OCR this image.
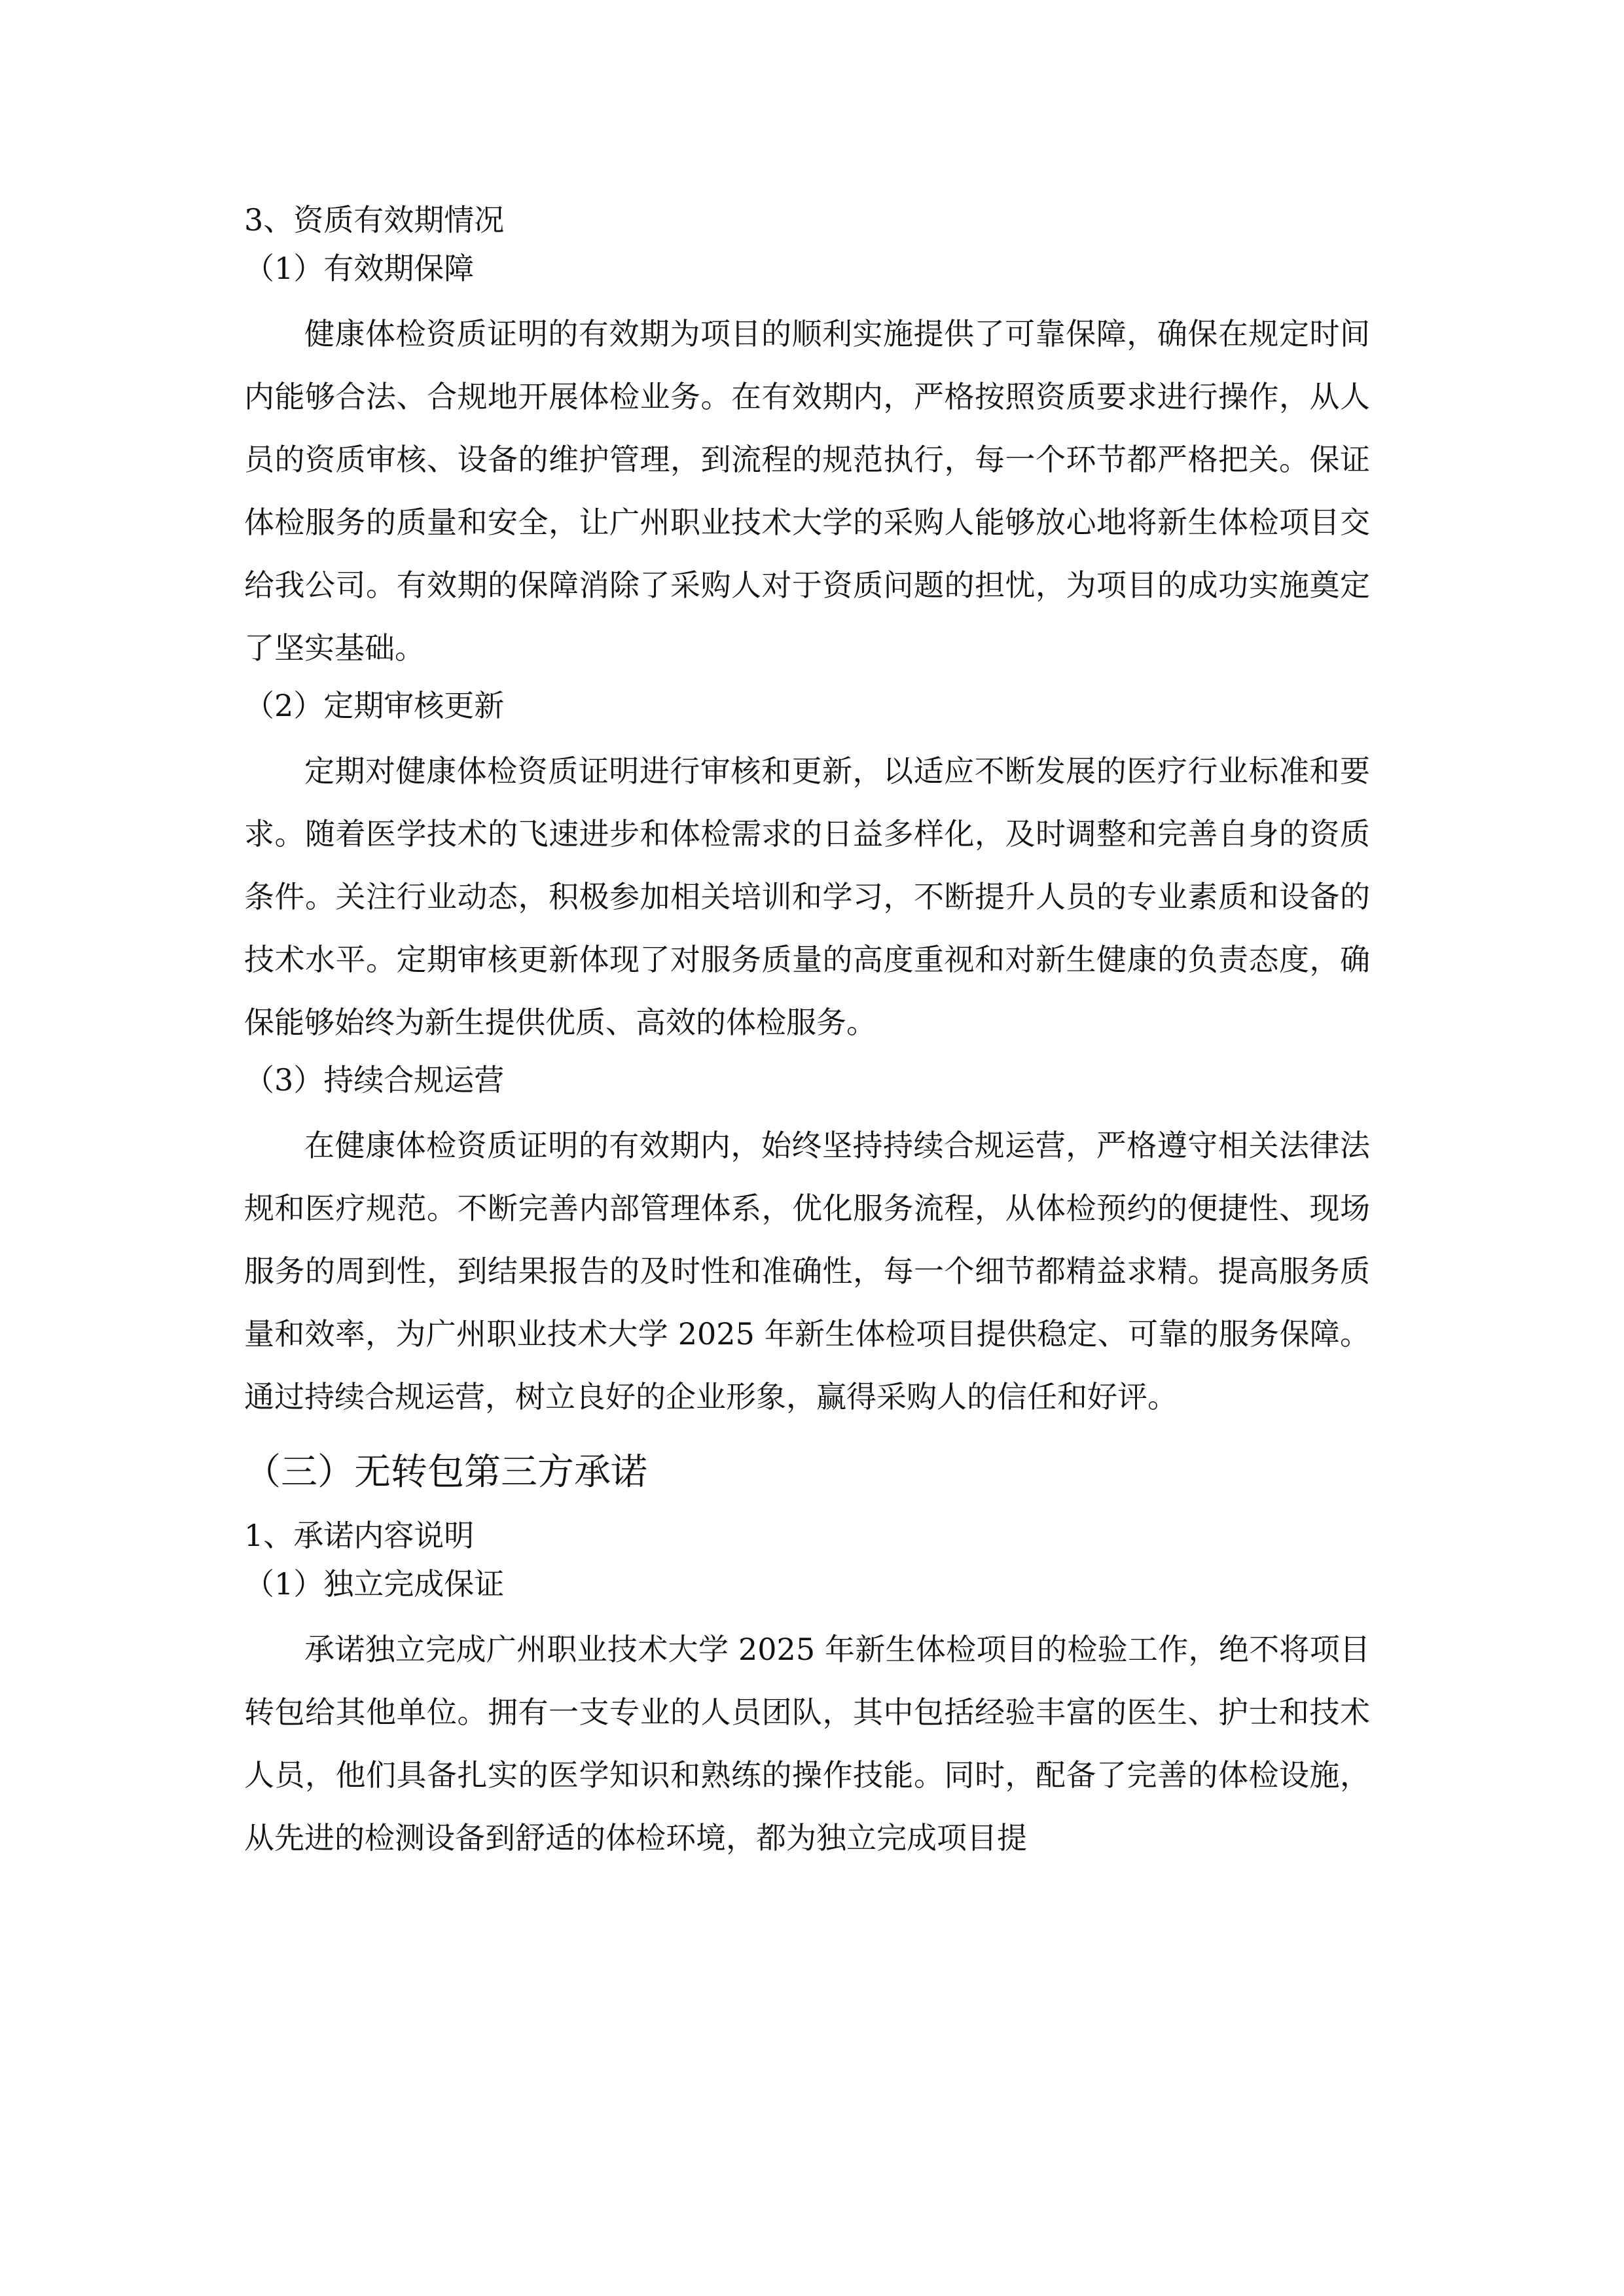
3、资质有效期情况
（1）有效期保障

健康体检资质证明的有效期为项目的顺利实施提供了可靠保障，确保在规定时间内能够合法、合规地开展体检业务。在有效期内，严格按照资质要求进行操作，从人员的资质审核、设备的维护管理，到流程的规范执行，每一个环节都严格把关。保证体检服务的质量和安全，让广州职业技术大学的采购人能够放心地将新生体检项目交给我公司。有效期的保障消除了采购人对于资质问题的担忧，为项目的成功实施奠定了坚实基础。

（2）定期审核更新

定期对健康体检资质证明进行审核和更新，以适应不断发展的医疗行业标准和要求。随着医学技术的飞速进步和体检需求的日益多样化，及时调整和完善自身的资质条件。关注行业动态，积极参加相关培训和学习，不断提升人员的专业素质和设备的技术水平。定期审核更新体现了对服务质量的高度重视和对新生健康的负责态度，确保能够始终为新生提供优质、高效的体检服务。

（3）持续合规运营

在健康体检资质证明的有效期内，始终坚持持续合规运营，严格遵守相关法律法规和医疗规范。不断完善内部管理体系，优化服务流程，从体检预约的便捷性、现场服务的周到性，到结果报告的及时性和准确性，每一个细节都精益求精。提高服务质量和效率，为广州职业技术大学 2025 年新生体检项目提供稳定、可靠的服务保障。通过持续合规运营，树立良好的企业形象，赢得采购人的信任和好评。

（三）无转包第三方承诺
1、承诺内容说明
（1）独立完成保证

承诺独立完成广州职业技术大学 2025 年新生体检项目的检验工作，绝不将项目转包给其他单位。拥有一支专业的人员团队，其中包括经验丰富的医生、护士和技术人员，他们具备扎实的医学知识和熟练的操作技能。同时，配备了完善的体检设施，从先进的检测设备到舒适的体检环境，都为独立完成项目提
